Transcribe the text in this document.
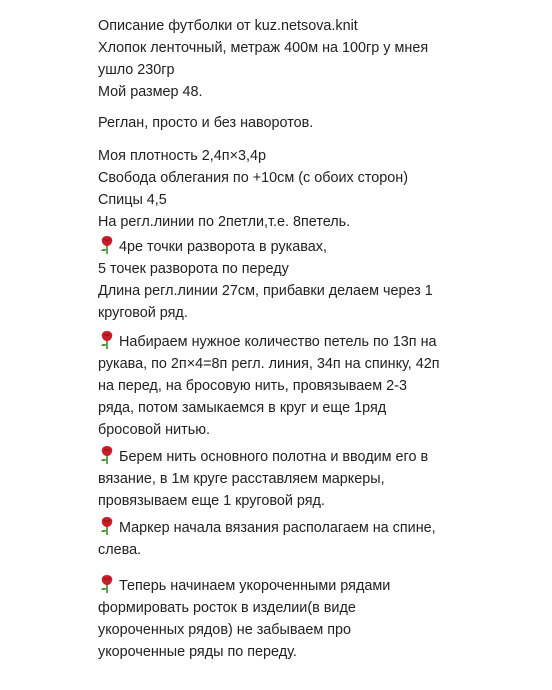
Описание футболки от kuz.netsova.knit
Хлопок ленточный, метраж 400м на 100гр у мнея
ушло 230гр
Мой размер 48.
Реглан, просто и без наворотов.
Моя плотность 2,4п×3,4р
Свобода облегания по +10см (с обоих сторон)
Спицы 4,5
На регл.линии по 2петли,т.е. 8петель.
4ре точки разворота в рукавах,
5 точек разворота по переду
Длина регл.линии 27см, прибавки делаем через 1
круговой ряд.
Набираем нужное количество петель по 13п на
рукава, по 2п×4=8п регл. линия, 34п на спинку, 42п
на перед, на бросовую нить, провязываем 2-3
ряда, потом замыкаемся в круг и еще 1ряд
бросовой нитью.
Берем нить основного полотна и вводим его в
вязание, в 1м круге расставляем маркеры,
провязываем еще 1 круговой ряд.
Маркер начала вязания располагаем на спине,
слева.
Теперь начинаем укороченными рядами
формировать росток в изделии(в виде
укороченных рядов) не забываем про
укороченные ряды по переду.
